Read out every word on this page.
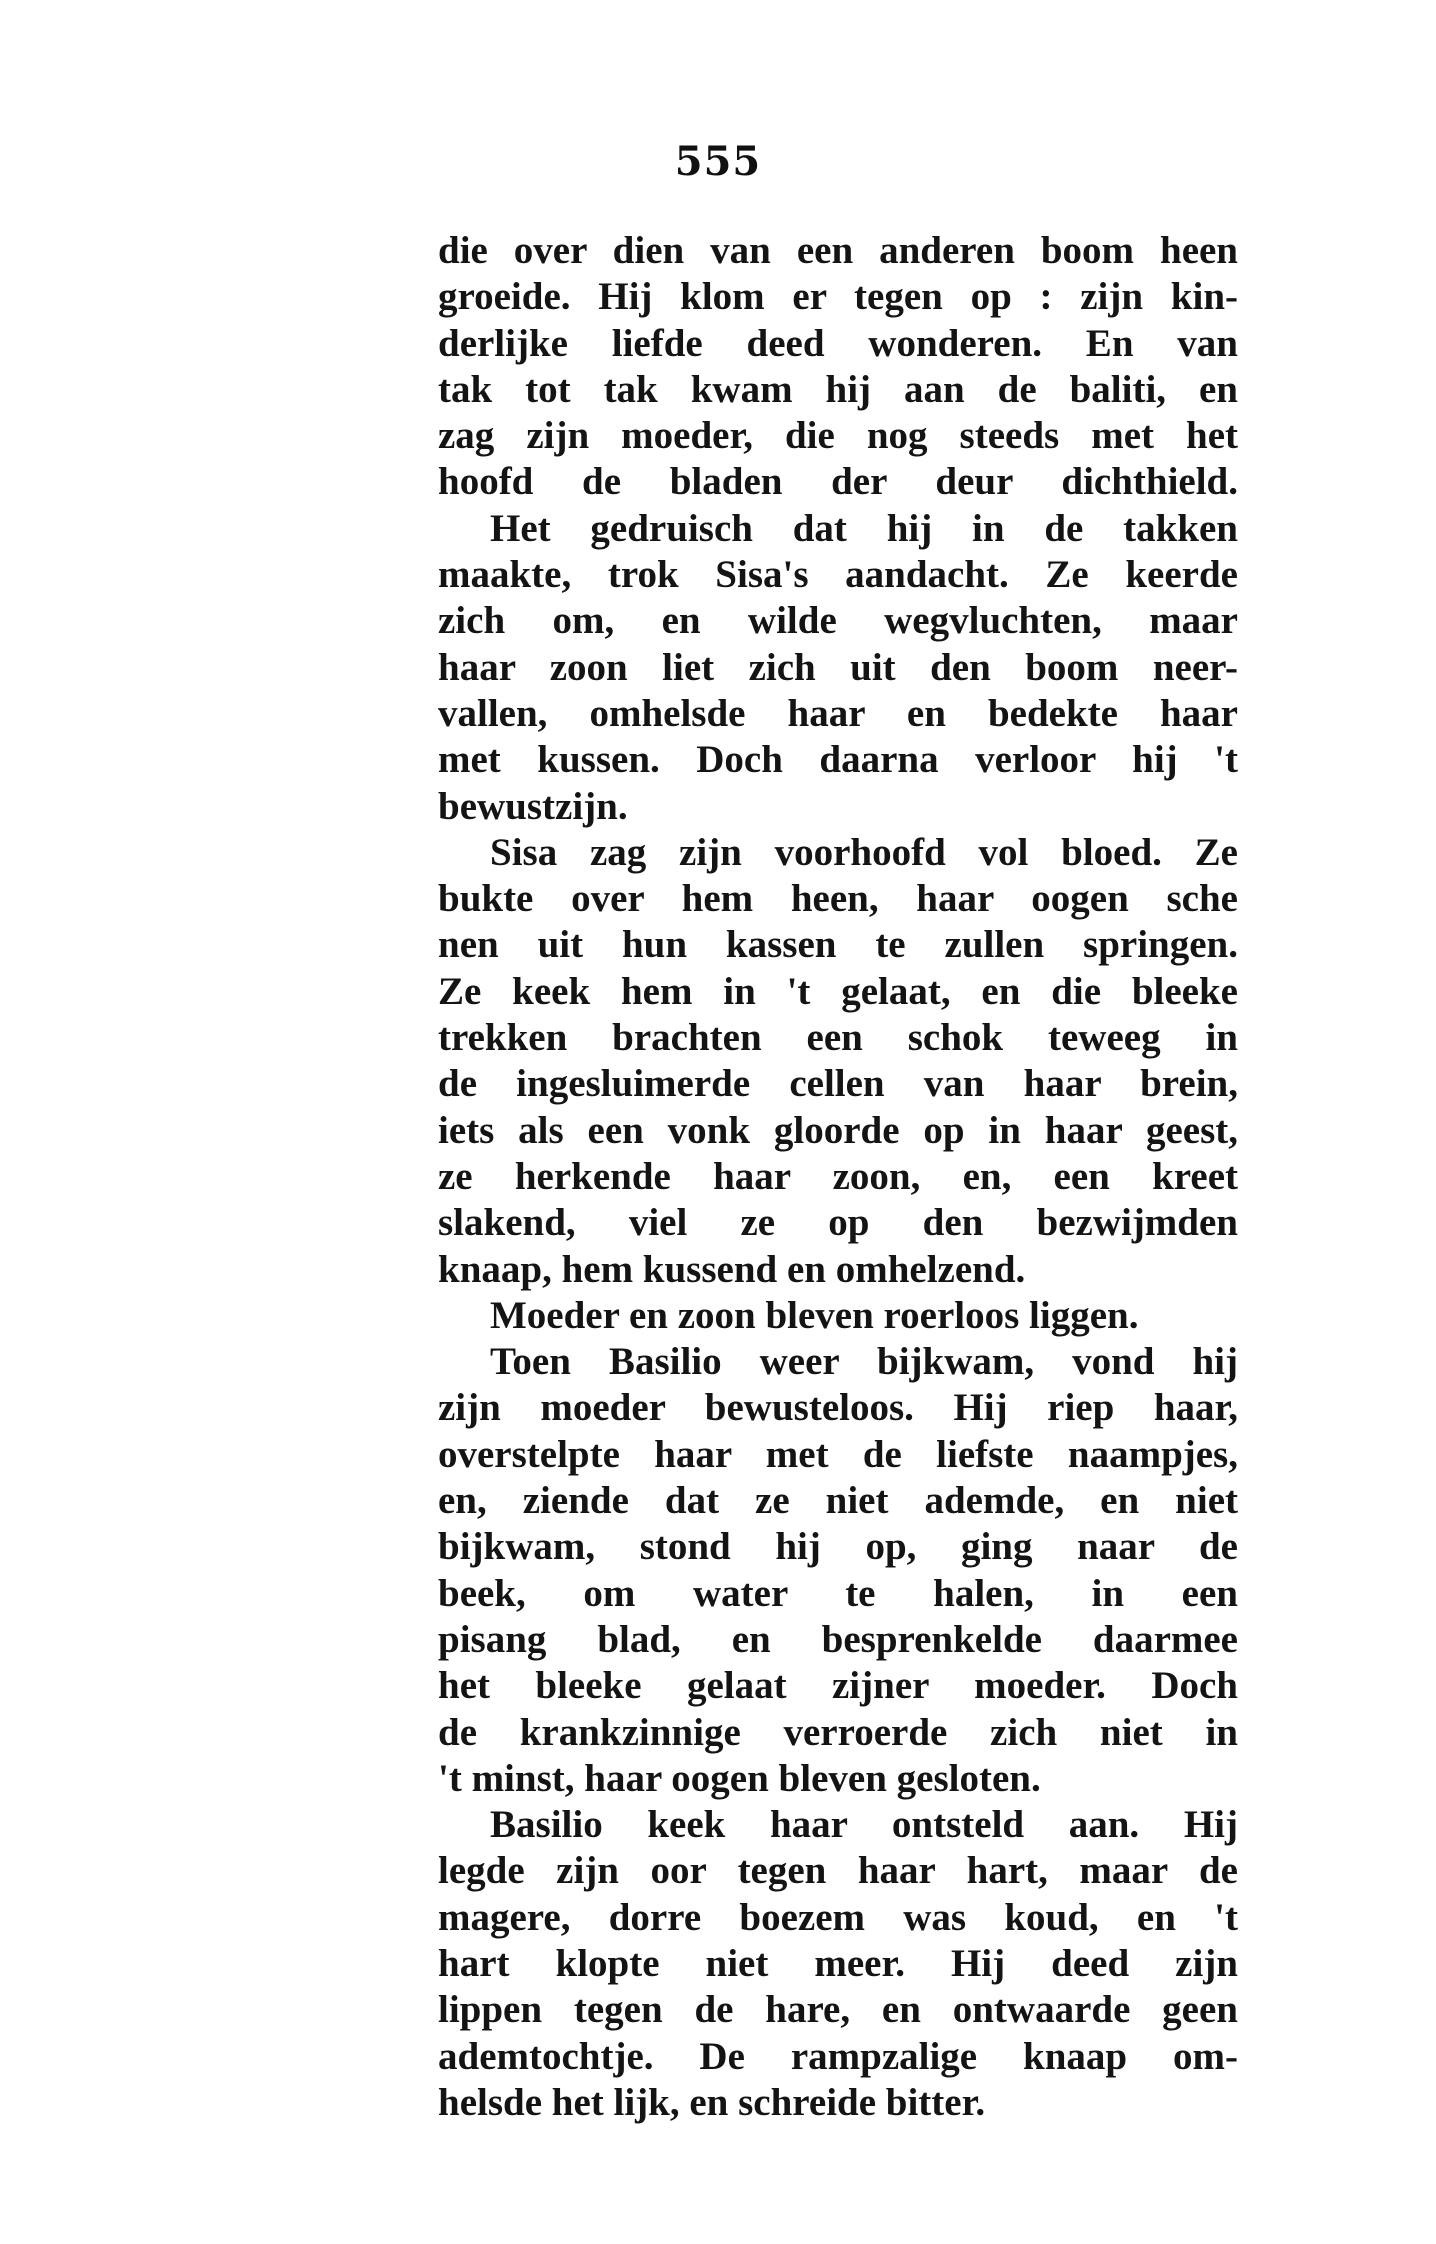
555
die over dien van een anderen boom heen
groeide. Hij klom er tegen op : zijn kin-
derlijke liefde deed wonderen. En van
tak tot tak kwam hij aan de baliti, en
zag zijn moeder, die nog steeds met het
hoofd de bladen der deur dichthield.
Het gedruisch dat hij in de takken
maakte, trok Sisa's aandacht. Ze keerde
zich om, en wilde wegvluchten, maar
haar zoon liet zich uit den boom neer-
vallen, omhelsde haar en bedekte haar
met kussen. Doch daarna verloor hij 't
bewustzijn.
Sisa zag zijn voorhoofd vol bloed. Ze
bukte over hem heen, haar oogen sche
nen uit hun kassen te zullen springen.
Ze keek hem in 't gelaat, en die bleeke
trekken brachten een schok teweeg in
de ingesluimerde cellen van haar brein,
iets als een vonk gloorde op in haar geest,
ze herkende haar zoon, en, een kreet
slakend, viel ze op den bezwijmden
knaap, hem kussend en omhelzend.
Moeder en zoon bleven roerloos liggen.
Toen Basilio weer bijkwam, vond hij
zijn moeder bewusteloos. Hij riep haar,
overstelpte haar met de liefste naampjes,
en, ziende dat ze niet ademde, en niet
bijkwam, stond hij op, ging naar de
beek, om water te halen, in een
pisang blad, en besprenkelde daarmee
het bleeke gelaat zijner moeder. Doch
de krankzinnige verroerde zich niet in
't minst, haar oogen bleven gesloten.
Basilio keek haar ontsteld aan. Hij
legde zijn oor tegen haar hart, maar de
magere, dorre boezem was koud, en 't
hart klopte niet meer. Hij deed zijn
lippen tegen de hare, en ontwaarde geen
ademtochtje. De rampzalige knaap om-
helsde het lijk, en schreide bitter.
